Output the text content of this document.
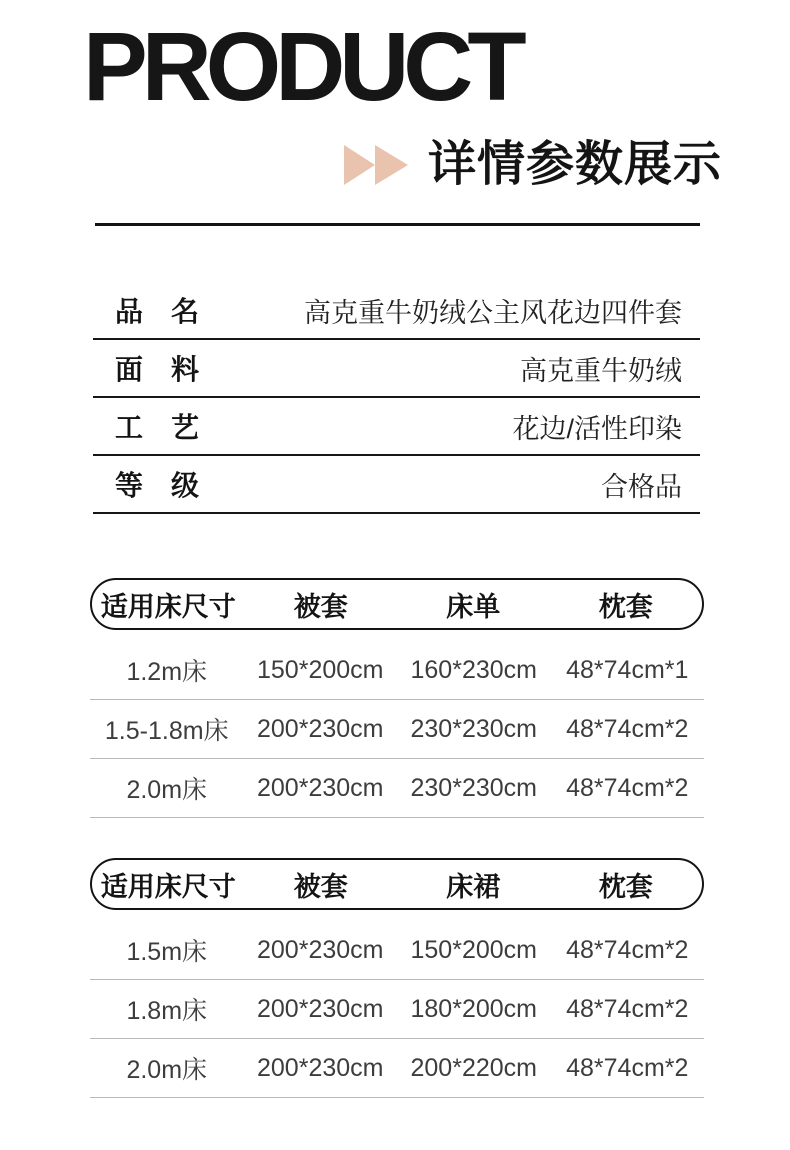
PRODUCT
详情参数展示
品　名	高克重牛奶绒公主风花边四件套
面　料	高克重牛奶绒
工　艺	花边/活性印染
等　级	合格品
适用床尺寸	被套	床单	枕套
1.2m床	150*200cm	160*230cm	48*74cm*1
1.5-1.8m床	200*230cm	230*230cm	48*74cm*2
2.0m床	200*230cm	230*230cm	48*74cm*2
适用床尺寸	被套	床裙	枕套
1.5m床	200*230cm	150*200cm	48*74cm*2
1.8m床	200*230cm	180*200cm	48*74cm*2
2.0m床	200*230cm	200*220cm	48*74cm*2
